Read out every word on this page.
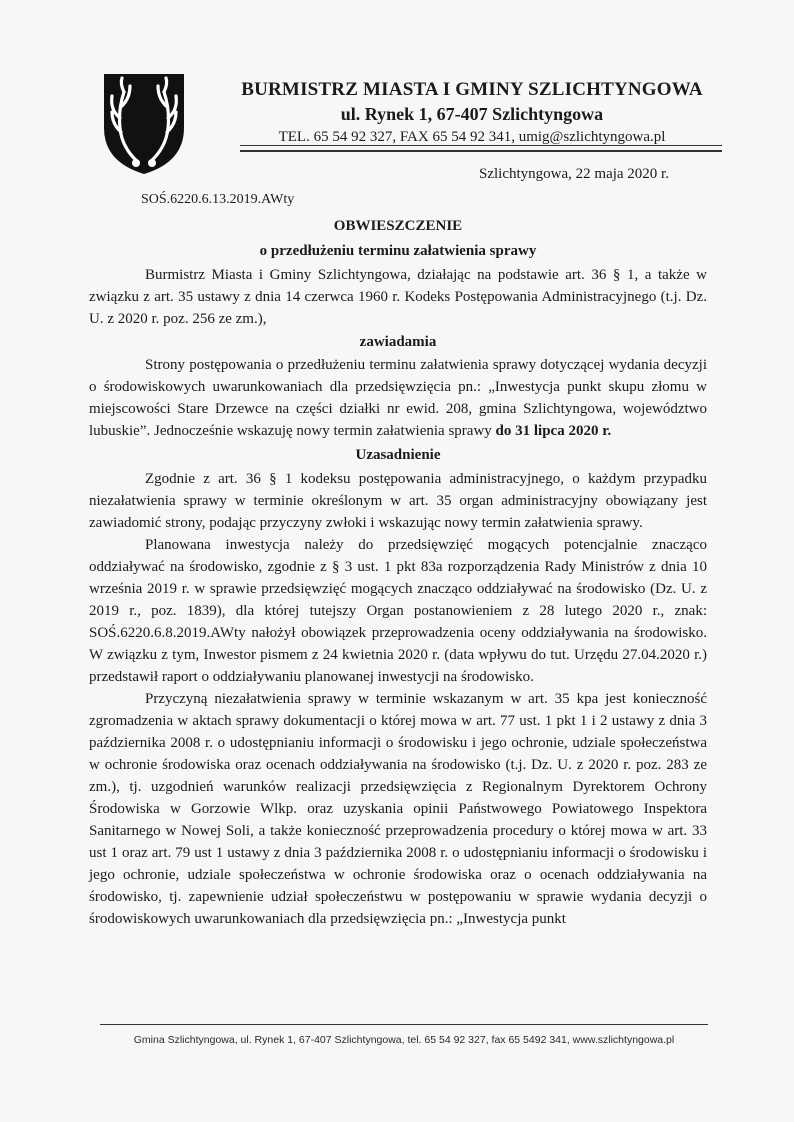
BURMISTRZ MIASTA I GMINY SZLICHTYNGOWA
ul. Rynek 1, 67-407 Szlichtyngowa
TEL. 65 54 92 327, FAX 65 54 92 341, umig@szlichtyngowa.pl
Szlichtyngowa, 22 maja 2020 r.
SOŚ.6220.6.13.2019.AWty
OBWIESZCZENIE
o przedłużeniu terminu załatwienia sprawy

Burmistrz Miasta i Gminy Szlichtyngowa, działając na podstawie art. 36 § 1, a także w związku z art. 35 ustawy z dnia 14 czerwca 1960 r. Kodeks Postępowania Administracyjnego (t.j. Dz. U. z 2020 r. poz. 256 ze zm.),

zawiadamia

Strony postępowania o przedłużeniu terminu załatwienia sprawy dotyczącej wydania decyzji o środowiskowych uwarunkowaniach dla przedsięwzięcia pn.: „Inwestycja punkt skupu złomu w miejscowości Stare Drzewce na części działki nr ewid. 208, gmina Szlichtyngowa, województwo lubuskie”. Jednocześnie wskazuję nowy termin załatwienia sprawy do 31 lipca 2020 r.

Uzasadnienie

Zgodnie z art. 36 § 1 kodeksu postępowania administracyjnego, o każdym przypadku niezałatwienia sprawy w terminie określonym w art. 35 organ administracyjny obowiązany jest zawiadomić strony, podając przyczyny zwłoki i wskazując nowy termin załatwienia sprawy.

Planowana inwestycja należy do przedsięwzięć mogących potencjalnie znacząco oddziaływać na środowisko, zgodnie z § 3 ust. 1 pkt 83a rozporządzenia Rady Ministrów z dnia 10 września 2019 r. w sprawie przedsięwzięć mogących znacząco oddziaływać na środowisko (Dz. U. z 2019 r., poz. 1839), dla której tutejszy Organ postanowieniem z 28 lutego 2020 r., znak: SOŚ.6220.6.8.2019.AWty nałożył obowiązek przeprowadzenia oceny oddziaływania na środowisko. W związku z tym, Inwestor pismem z 24 kwietnia 2020 r. (data wpływu do tut. Urzędu 27.04.2020 r.) przedstawił raport o oddziaływaniu planowanej inwestycji na środowisko.

Przyczyną niezałatwienia sprawy w terminie wskazanym w art. 35 kpa jest konieczność zgromadzenia w aktach sprawy dokumentacji o której mowa w art. 77 ust. 1 pkt 1 i 2 ustawy z dnia 3 października 2008 r. o udostępnianiu informacji o środowisku i jego ochronie, udziale społeczeństwa w ochronie środowiska oraz ocenach oddziaływania na środowisko (t.j. Dz. U. z 2020 r. poz. 283 ze zm.), tj. uzgodnień warunków realizacji przedsięwzięcia z Regionalnym Dyrektorem Ochrony Środowiska w Gorzowie Wlkp. oraz uzyskania opinii Państwowego Powiatowego Inspektora Sanitarnego w Nowej Soli, a także konieczność przeprowadzenia procedury o której mowa w art. 33 ust 1 oraz art. 79 ust 1 ustawy z dnia 3 października 2008 r. o udostępnianiu informacji o środowisku i jego ochronie, udziale społeczeństwa w ochronie środowiska oraz o ocenach oddziaływania na środowisko, tj. zapewnienie udział społeczeństwu w postępowaniu w sprawie wydania decyzji o środowiskowych uwarunkowaniach dla przedsięwzięcia pn.: „Inwestycja punkt

Gmina Szlichtyngowa, ul. Rynek 1, 67-407 Szlichtyngowa, tel. 65 54 92 327, fax 65 5492 341, www.szlichtyngowa.pl
